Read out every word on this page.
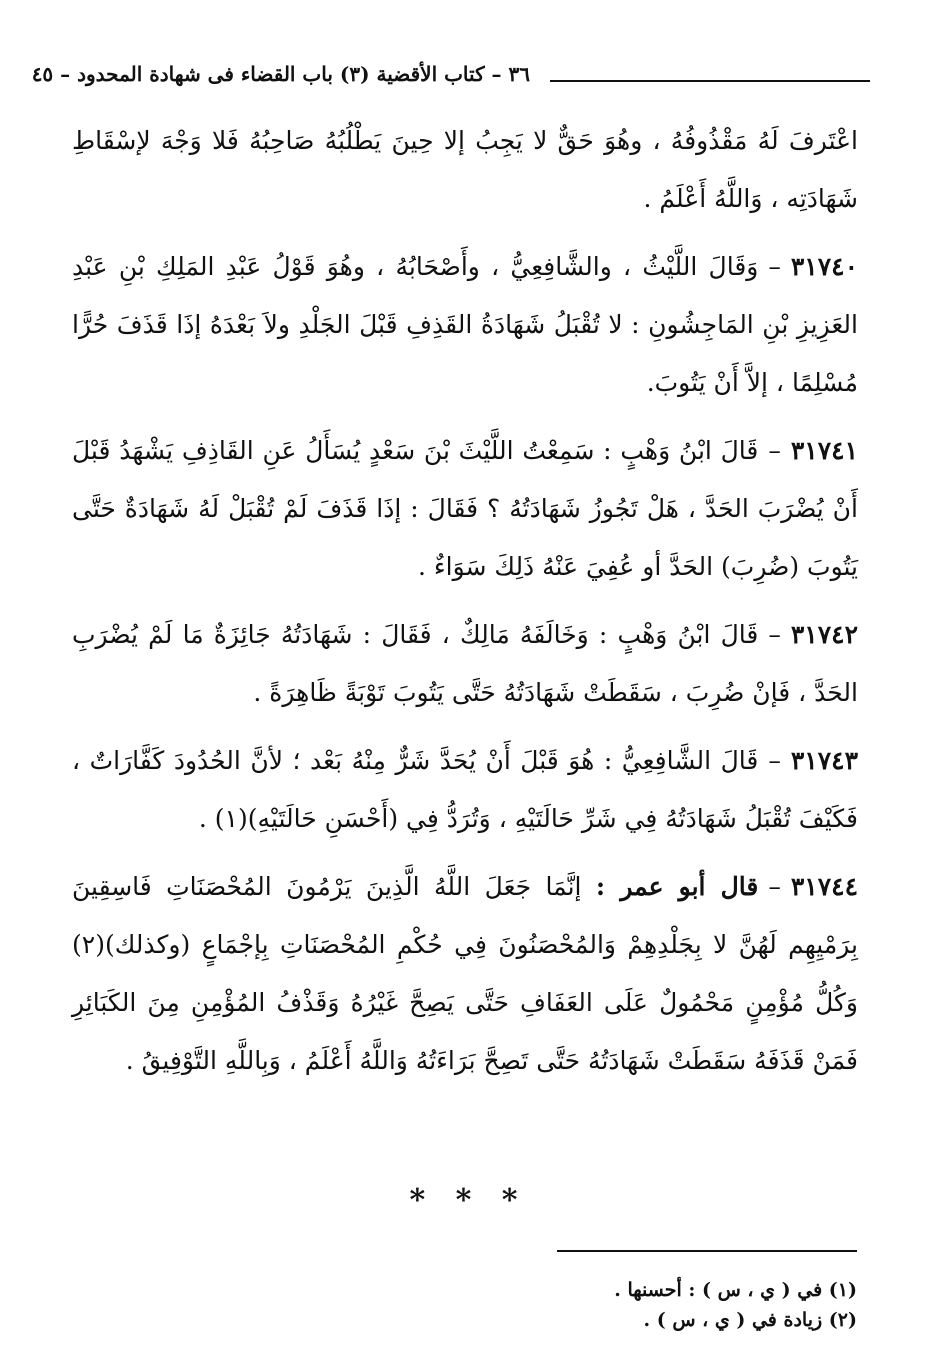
٣٦ – كتاب الأقضية (٣) باب القضاء فى شهادة المحدود – ٤٥

اعْتَرفَ لَهُ مَقْذُوفُهُ ، وهُوَ حَقٌّ لا يَجِبُ إلا حِينَ يَطْلُبُهُ صَاحِبُهُ فَلا وَجْهَ لإسْقَاطِ شَهَادَتِه ، وَاللَّهُ أَعْلَمُ .

٣١٧٤٠–وَقَالَ اللَّيْثُ ، والشَّافِعِيُّ ، وأَصْحَابُهُ ، وهُوَ قَوْلُ عَبْدِ المَلِكِ بْنِ عَبْدِ العَزِيزِ بْنِ المَاجِشُونِ : لا تُقْبَلُ شَهَادَةُ القَذِفِ قَبْلَ الجَلْدِ ولاَ بَعْدَهُ إذَا قَذَفَ حُرًّا مُسْلِمًا ، إلاَّ أَنْ يَتُوبَ.

٣١٧٤١–قَالَ ابْنُ وَهْبٍ : سَمِعْتُ اللَّيْثَ بْنَ سَعْدٍ يُسَأَلُ عَنِ القَاذِفِ يَشْهَدُ قَبْلَ أَنْ يُضْرَبَ الحَدَّ ، هَلْ تَجُوزُ شَهَادَتُهُ ؟ فَقَالَ : إذَا قَذَفَ لَمْ تُقْبَلْ لَهُ شَهَادَةٌ حَتَّى يَتُوبَ (ضُرِبَ) الحَدَّ أو عُفِيَ عَنْهُ ذَلِكَ سَوَاءٌ .

٣١٧٤٢–قَالَ ابْنُ وَهْبٍ : وَخَالَفَهُ مَالِكٌ ، فَقَالَ : شَهَادَتُهُ جَائِزَةٌ مَا لَمْ يُضْرَبِ الحَدَّ ، فَإنْ ضُرِبَ ، سَقَطَتْ شَهَادَتُهُ حَتَّى يَتُوبَ تَوْبَةً ظَاهِرَةً .

٣١٧٤٣–قَالَ الشَّافِعِيُّ : هُوَ قَبْلَ أَنْ يُحَدَّ شَرٌّ مِنْهُ بَعْد ؛ لأنَّ الحُدُودَ كَفَّارَاتٌ ، فَكَيْفَ تُقْبَلُ شَهَادَتُهُ فِي شَرِّ حَالَتَيْهِ ، وَتُرَدُّ فِي (أَحْسَنِ حَالَتَيْهِ)(١) .

٣١٧٤٤–قال أبو عمر : إنَّمَا جَعَلَ اللَّهُ الَّذِينَ يَرْمُونَ المُحْصَنَاتِ فَاسِقِينَ بِرَمْيِهِم لَهُنَّ لا بِجَلْدِهِمْ وَالمُحْصَنُونَ فِي حُكْمِ المُحْصَنَاتِ بِإجْمَاعٍ (وكذلك)(٢) وَكُلُّ مُؤْمِنٍ مَحْمُولٌ عَلَى العَفَافِ حَتَّى يَصِحَّ غَيْرُهُ وَقَذْفُ المُؤْمِنِ مِنَ الكَبَائِرِ فَمَنْ قَذَفَهُ سَقَطَتْ شَهَادَتُهُ حَتَّى تَصِحَّ بَرَاءَتُهُ وَاللَّهُ أَعْلَمُ ، وَبِاللَّهِ التَّوْفِيقُ .

* * *

(١) في ( ي ، س ) : أحسنها .

(٢) زيادة في ( ي ، س ) .
